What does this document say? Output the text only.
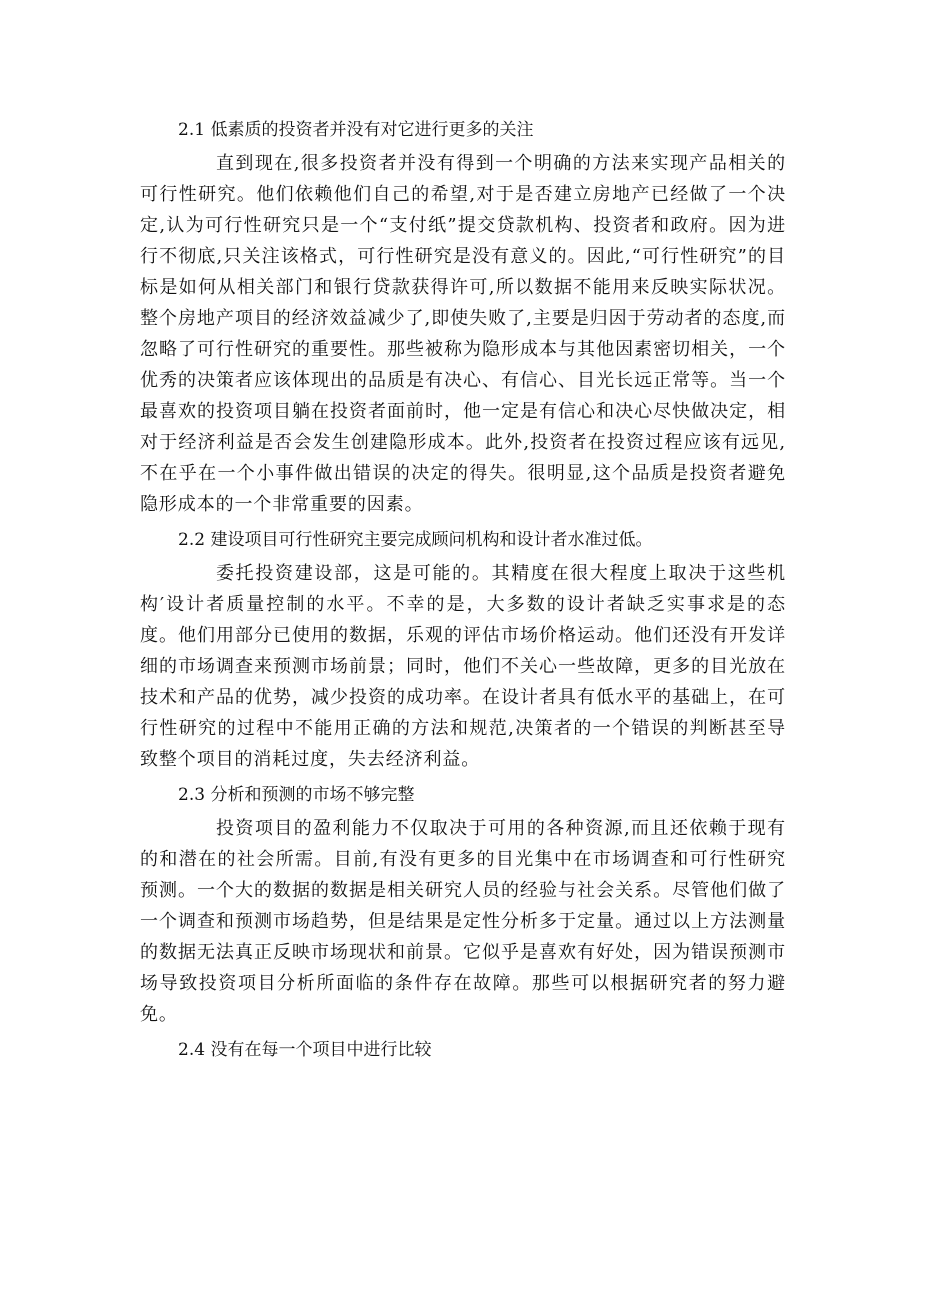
2.1 低素质的投资者并没有对它进行更多的关注

直到现在,很多投资者并没有得到一个明确的方法来实现产品相关的可行性研究。他们依赖他们自己的希望,对于是否建立房地产已经做了一个决定,认为可行性研究只是一个“支付纸”提交贷款机构、投资者和政府。因为进行不彻底,只关注该格式，可行性研究是没有意义的。因此,“可行性研究”的目标是如何从相关部门和银行贷款获得许可,所以数据不能用来反映实际状况。整个房地产项目的经济效益减少了,即使失败了,主要是归因于劳动者的态度,而忽略了可行性研究的重要性。那些被称为隐形成本与其他因素密切相关，一个优秀的决策者应该体现出的品质是有决心、有信心、目光长远正常等。当一个最喜欢的投资项目躺在投资者面前时，他一定是有信心和决心尽快做决定，相对于经济利益是否会发生创建隐形成本。此外,投资者在投资过程应该有远见,不在乎在一个小事件做出错误的决定的得失。很明显,这个品质是投资者避免隐形成本的一个非常重要的因素。

2.2 建设项目可行性研究主要完成顾问机构和设计者水准过低。

委托投资建设部，这是可能的。其精度在很大程度上取决于这些机构′设计者质量控制的水平。不幸的是，大多数的设计者缺乏实事求是的态度。他们用部分已使用的数据，乐观的评估市场价格运动。他们还没有开发详细的市场调查来预测市场前景；同时，他们不关心一些故障，更多的目光放在技术和产品的优势，减少投资的成功率。在设计者具有低水平的基础上，在可行性研究的过程中不能用正确的方法和规范,决策者的一个错误的判断甚至导致整个项目的消耗过度，失去经济利益。

2.3 分析和预测的市场不够完整

投资项目的盈利能力不仅取决于可用的各种资源,而且还依赖于现有的和潜在的社会所需。目前,有没有更多的目光集中在市场调查和可行性研究预测。一个大的数据的数据是相关研究人员的经验与社会关系。尽管他们做了一个调查和预测市场趋势，但是结果是定性分析多于定量。通过以上方法测量的数据无法真正反映市场现状和前景。它似乎是喜欢有好处，因为错误预测市场导致投资项目分析所面临的条件存在故障。那些可以根据研究者的努力避免。

2.4 没有在每一个项目中进行比较
